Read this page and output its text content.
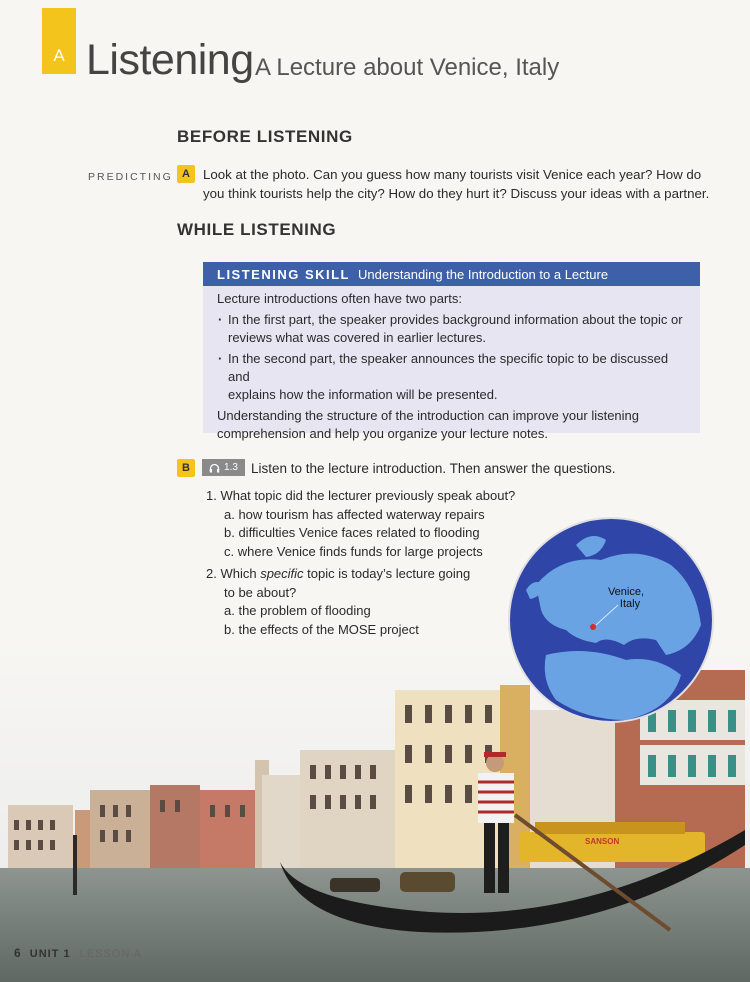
A Listening A Lecture about Venice, Italy
BEFORE LISTENING
PREDICTING A Look at the photo. Can you guess how many tourists visit Venice each year? How do
you think tourists help the city? How do they hurt it? Discuss your ideas with a partner.
WHILE LISTENING
LISTENING SKILL Understanding the Introduction to a Lecture
Lecture introductions often have two parts:
· In the first part, the speaker provides background information about the topic or
reviews what was covered in earlier lectures.
· In the second part, the speaker announces the specific topic to be discussed and
explains how the information will be presented.
Understanding the structure of the introduction can improve your listening
comprehension and help you organize your lecture notes.
B	1.3 Listen to the lecture introduction. Then answer the questions.
1. What topic did the lecturer previously speak about?
a. how tourism has affected waterway repairs
b. difficulties Venice faces related to flooding
c. where Venice finds funds for large projects
2. Which specific topic is today’s lecture going
to be about?
a. the problem of flooding
b. the effects of the MOSE project
SANSON
Venice,
Italy
6 UNIT 1 LESSON A
